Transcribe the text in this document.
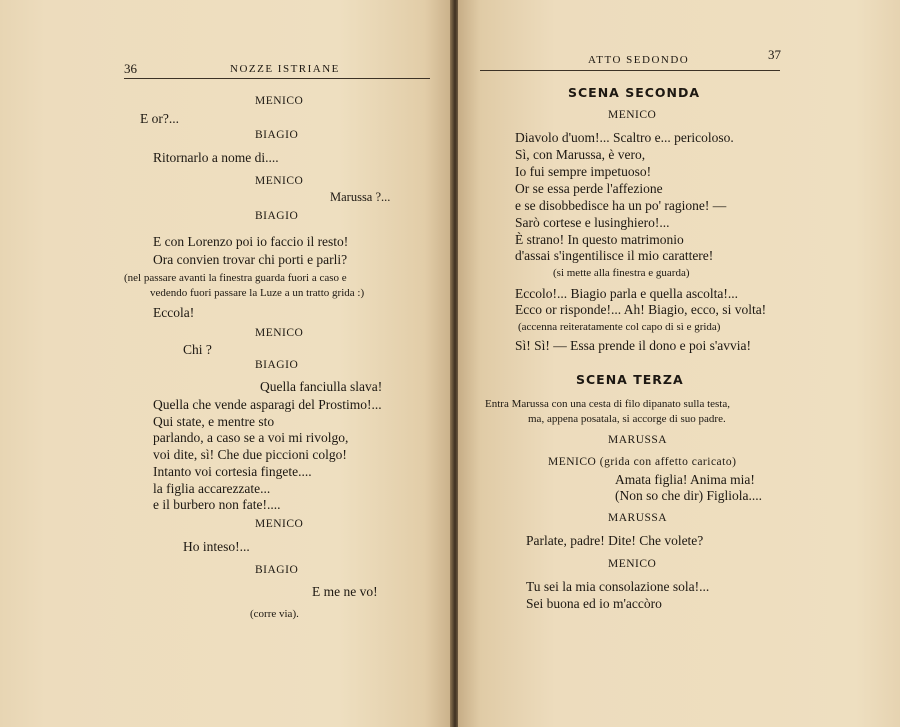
36	NOZZE ISTRIANE
MENICO
E or?...
BIAGIO
Ritornarlo a nome di....
MENICO
Marussa ?...
BIAGIO
E con Lorenzo poi io faccio il resto!
Ora convien trovar chi porti e parli?
(nel passare avanti la finestra guarda fuori a caso e
vedendo fuori passare la Luze a un tratto grida :)
Eccola!
MENICO
Chi ?
BIAGIO
Quella fanciulla slava!
Quella che vende asparagi del Prostimo!...
Qui state, e mentre sto
parlando, a caso se a voi mi rivolgo,
voi dite, sì! Che due piccioni colgo!
Intanto voi cortesia fingete....
la figlia accarezzate...
e il burbero non fate!....
MENICO
Ho inteso!...
BIAGIO
E me ne vo!
(corre via).
ATTO SEDONDO	37
SCENA SECONDA
MENICO
Diavolo d'uom!... Scaltro e... pericoloso.
Sì, con Marussa, è vero,
Io fui sempre impetuoso!
Or se essa perde l'affezione
e se disobbedisce ha un po' ragione! —
Sarò cortese e lusinghiero!...
È strano! In questo matrimonio
d'assai s'ingentilisce il mio carattere!
(si mette alla finestra e guarda)
Eccolo!... Biagio parla e quella ascolta!...
Ecco or risponde!... Ah! Biagio, ecco, si volta!
(accenna reiteratamente col capo di sì e grida)
Sì! Sì! — Essa prende il dono e poi s'avvia!
SCENA TERZA
Entra Marussa con una cesta di filo dipanato sulla testa,
ma, appena posatala, si accorge di suo padre.
MARUSSA
MENICO (grida con affetto caricato)
Amata figlia! Anima mia!
(Non so che dir) Figliola....
MARUSSA
Parlate, padre! Dite! Che volete?
MENICO
Tu sei la mia consolazione sola!...
Sei buona ed io m'accòro
